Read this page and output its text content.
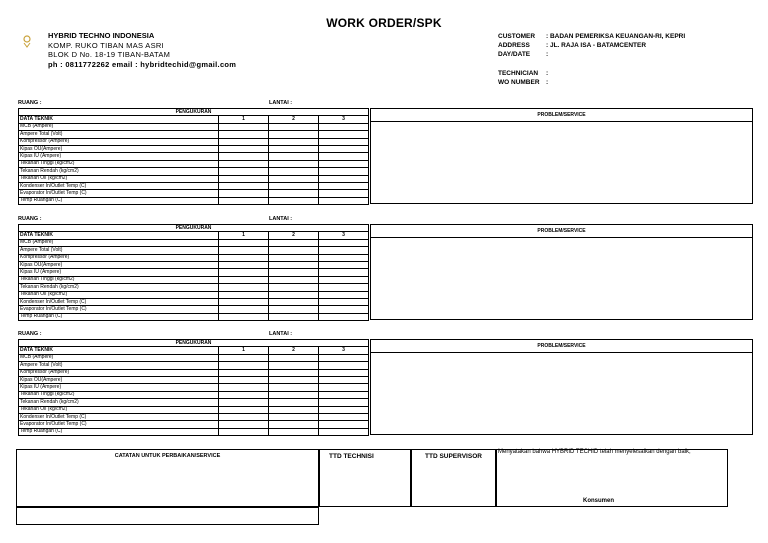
WORK ORDER/SPK
HYBRID TECHNO INDONESIA
KOMP. RUKO TIBAN MAS ASRI
BLOK D No. 18-19 TIBAN-BATAM
ph : 0811772262 email : hybridtechid@gmail.com
CUSTOMER : BADAN PEMERIKSA KEUANGAN-RI, KEPRI
ADDRESS : JL. RAJA ISA - BATAMCENTER
DAY/DATE :
TECHNICIAN :
WO NUMBER :
RUANG :	LANTAI :
PENGUKURAN			
DATA TEKNIK	1	2	3
MCB (Ampere)			
Ampere Total (Volt)			
Kompressor (Ampere)			
Kipas OU(Ampere)			
Kipas IU (Ampere)			
Tekanan Tinggi (kg/cm2)			
Tekanan Rendah (kg/cm2)			
Tekanan Oli (kg/cm2)			
Kondenser In/Outlet Temp (C)			
Evaporator In/Outlet Temp (C)			
Temp Ruangan (C)			
PROBLEM/SERVICE
RUANG :	LANTAI :
PENGUKURAN			
DATA TEKNIK	1	2	3
MCB (Ampere)			
Ampere Total (Volt)			
Kompressor (Ampere)			
Kipas OU(Ampere)			
Kipas IU (Ampere)			
Tekanan Tinggi (kg/cm2)			
Tekanan Rendah (kg/cm2)			
Tekanan Oli (kg/cm2)			
Kondenser In/Outlet Temp (C)			
Evaporator In/Outlet Temp (C)			
Temp Ruangan (C)			
PROBLEM/SERVICE
RUANG :	LANTAI :
PENGUKURAN			
DATA TEKNIK	1	2	3
MCB (Ampere)			
Ampere Total (Volt)			
Kompressor (Ampere)			
Kipas OU(Ampere)			
Kipas IU (Ampere)			
Tekanan Tinggi (kg/cm2)			
Tekanan Rendah (kg/cm2)			
Tekanan Oli (kg/cm2)			
Kondenser In/Outlet Temp (C)			
Evaporator In/Outlet Temp (C)			
Temp Ruangan (C)			
PROBLEM/SERVICE
CATATAN UNTUK PERBAIKAN/SERVICE	TTD TECHNISI	TTD SUPERVISOR
Menyatakan bahwa HYBRID TECHID telah menyelesaikan dengan baik,
Konsumen
